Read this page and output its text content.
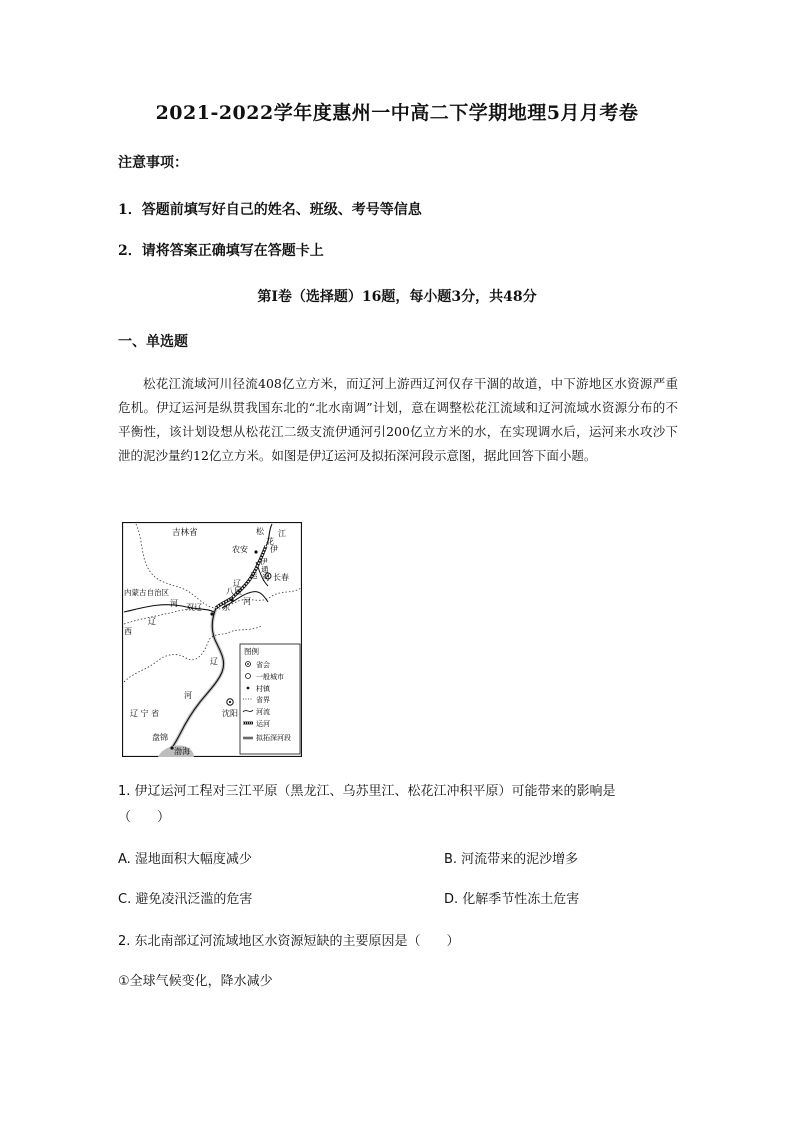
2021-2022学年度惠州一中高二下学期地理5月月考卷
注意事项：
1．答题前填写好自己的姓名、班级、考号等信息
2．请将答案正确填写在答题卡上
第I卷（选择题）16题，每小题3分，共48分
一、单选题
松花江流域河川径流408亿立方米，而辽河上游西辽河仅存干涸的故道，中下游地区水资源严重危机。伊辽运河是纵贯我国东北的“北水南调”计划，意在调整松花江流域和辽河流域水资源分布的不平衡性，该计划设想从松花江二级支流伊通河引200亿立方米的水，在实现调水后，运河来水攻沙下泄的泥沙量约12亿立方米。如图是伊辽运河及拟拓深河段示意图，据此回答下面小题。
吉林省	松
花
江
农安	伊
伊
通
河 长春
运
八屋
内蒙古自治区
双辽
河	东
辽
河
西
辽
辽
河
沈阳
辽 宁 省
盘锦
渤海
图例
省会
一般城市
村镇
省界
河流
运河
拟拓深河段
1. 伊辽运河工程对三江平原（黑龙江、乌苏里江、松花江冲积平原）可能带来的影响是
（　　）
A. 湿地面积大幅度减少	B. 河流带来的泥沙增多
C. 避免凌汛泛滥的危害	D. 化解季节性冻土危害
2. 东北南部辽河流域地区水资源短缺的主要原因是（　　）
①全球气候变化，降水减少
